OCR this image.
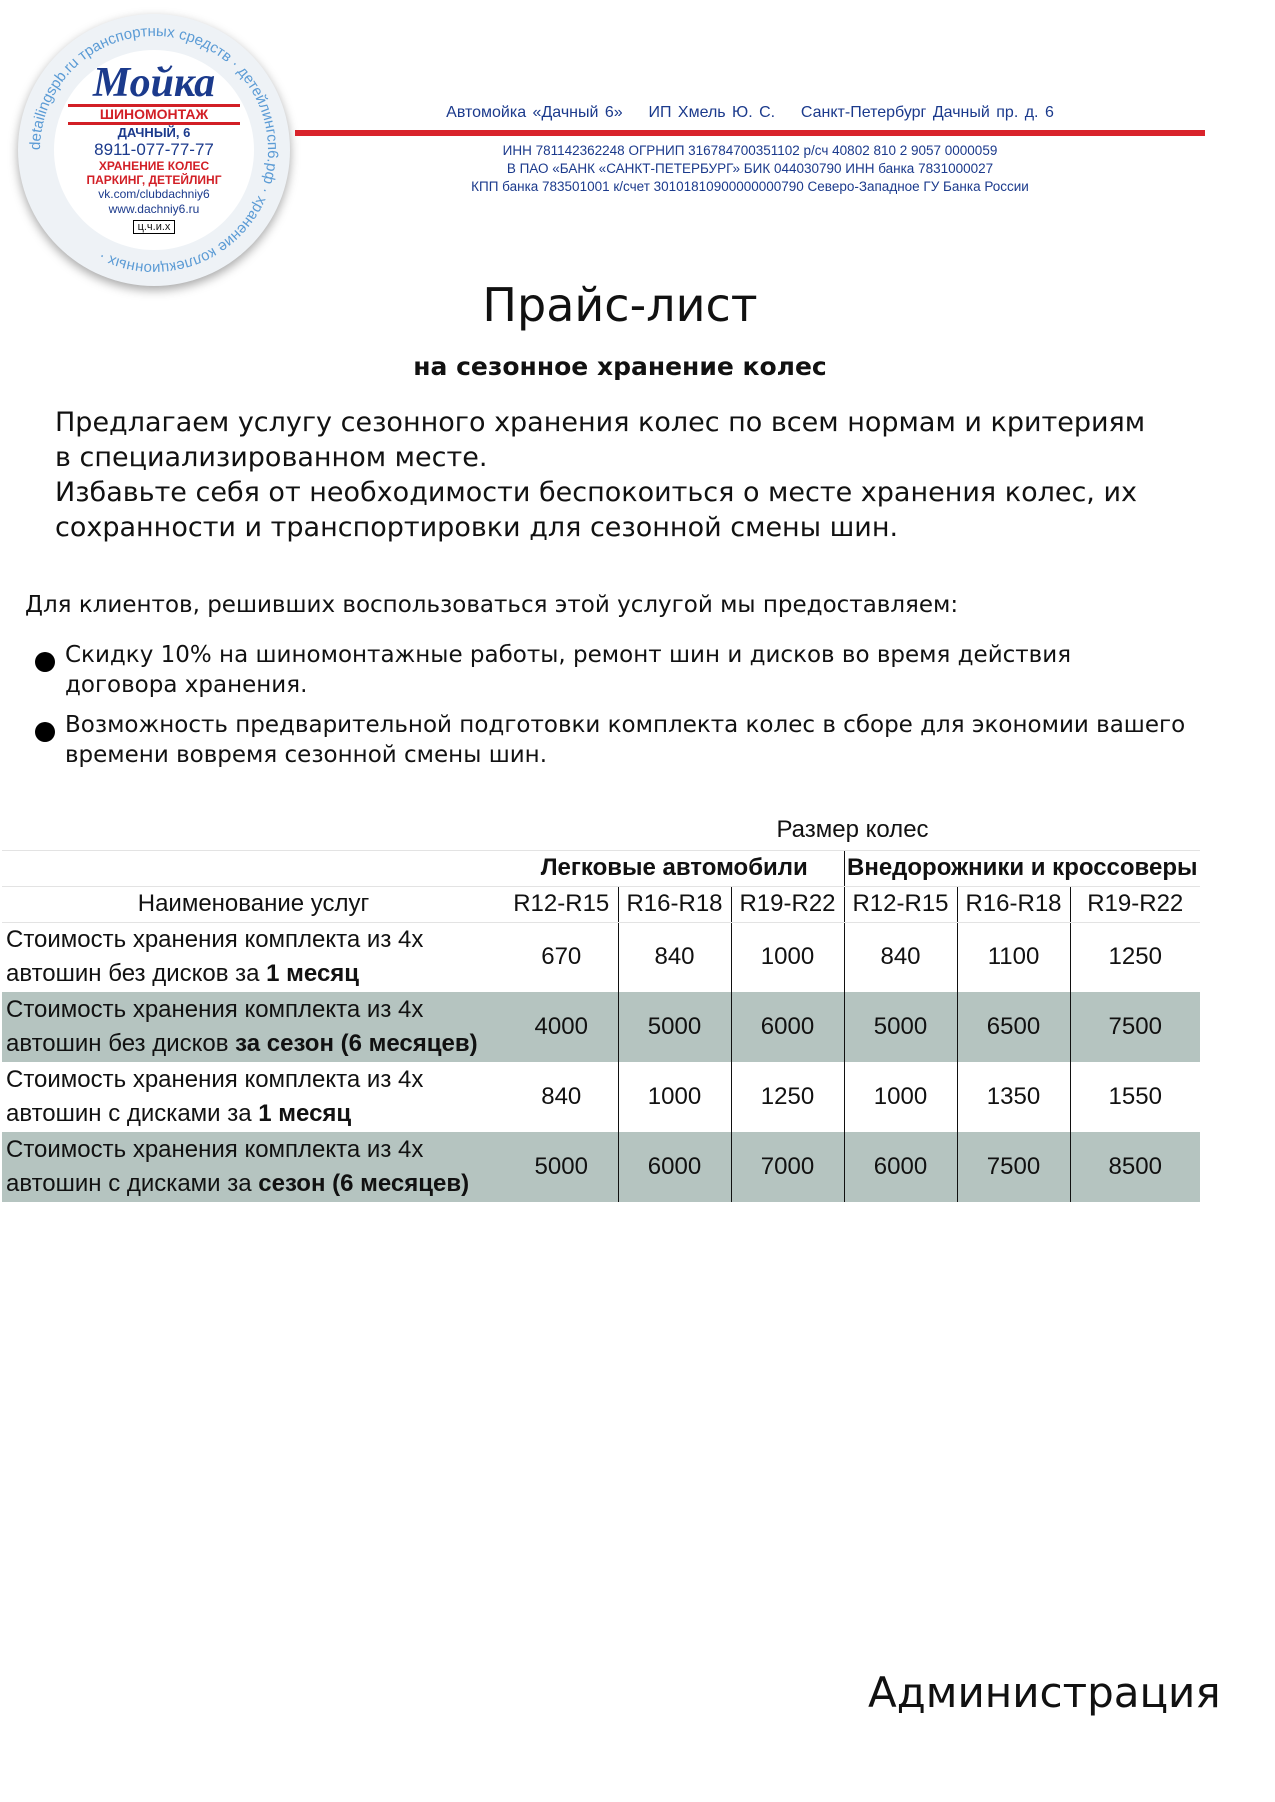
Мойка
ШИНОМОНТАЖ
ДАЧНЫЙ, 6
8911-077-77-77
ХРАНЕНИЕ КОЛЕС
ПАРКИНГ, ДЕТЕЙЛИНГ
vk.com/clubdachniy6
www.dachniy6.ru
ц.ч.и.х
detailingspb.ru транспортных средств · детейлингсп6.рф · хранение коллекционных ·
Автомойка «Дачный 6»    ИП Хмель Ю. С.    Санкт-Петербург Дачный пр. д. 6
ИНН 781142362248 ОГРНИП 316784700351102 р/сч 40802 810 2 9057 0000059
В ПАО «БАНК «САНКТ-ПЕТЕРБУРГ» БИК 044030790 ИНН банка 7831000027
КПП банка 783501001 к/счет 30101810900000000790 Северо-Западное ГУ Банка России
Прайс-лист
на сезонное хранение колес
Предлагаем услугу сезонного хранения колес по всем нормам и критериям
в специализированном месте.
Избавьте себя от необходимости беспокоиться о месте хранения колес, их
сохранности и транспортировки для сезонной смены шин.
Для клиентов, решивших воспользоваться этой услугой мы предоставляем:
Скидку 10% на шиномонтажные работы, ремонт шин и дисков во время действия
договора хранения.
Возможность предварительной подготовки комплекта колес в сборе для экономии вашего
времени вовремя сезонной смены шин.
	Размер колес					
	Легковые автомобили			Внедорожники и кроссоверы		
Наименование услуг	R12-R15	R16-R18	R19-R22	R12-R15	R16-R18	R19-R22

Стоимость хранения комплекта из 4х
автошин без дисков за 1 месяц	670	840	1000	840	1100	1250

Стоимость хранения комплекта из 4х
автошин без дисков за сезон (6 месяцев)	4000	5000	6000	5000	6500	7500

Стоимость хранения комплекта из 4х
автошин с дисками за 1 месяц	840	1000	1250	1000	1350	1550

Стоимость хранения комплекта из 4х
автошин с дисками за сезон (6 месяцев)	5000	6000	7000	6000	7500	8500
Администрация
